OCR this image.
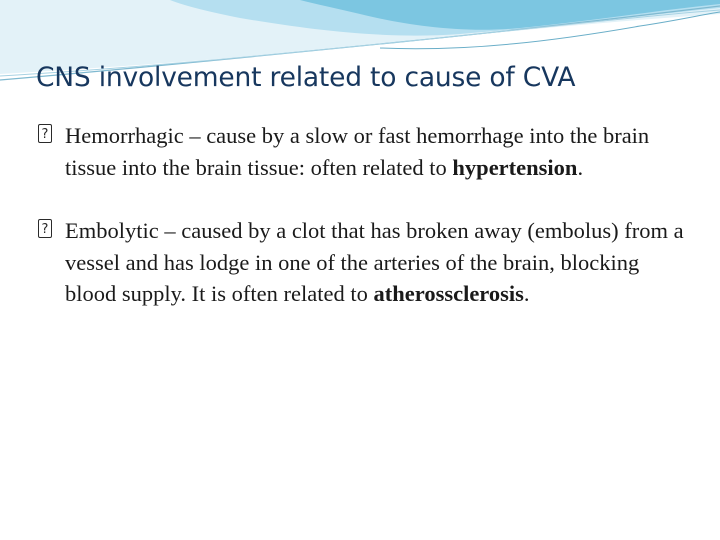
CNS involvement related to cause of CVA
? Hemorrhagic – cause by a slow or fast hemorrhage into the brain tissue into the brain tissue: often related to hypertension.
? Embolytic – caused by a clot that has broken away (embolus) from a vessel and has lodge in one of the arteries of the brain, blocking blood supply. It is often related to atherossclerosis.
